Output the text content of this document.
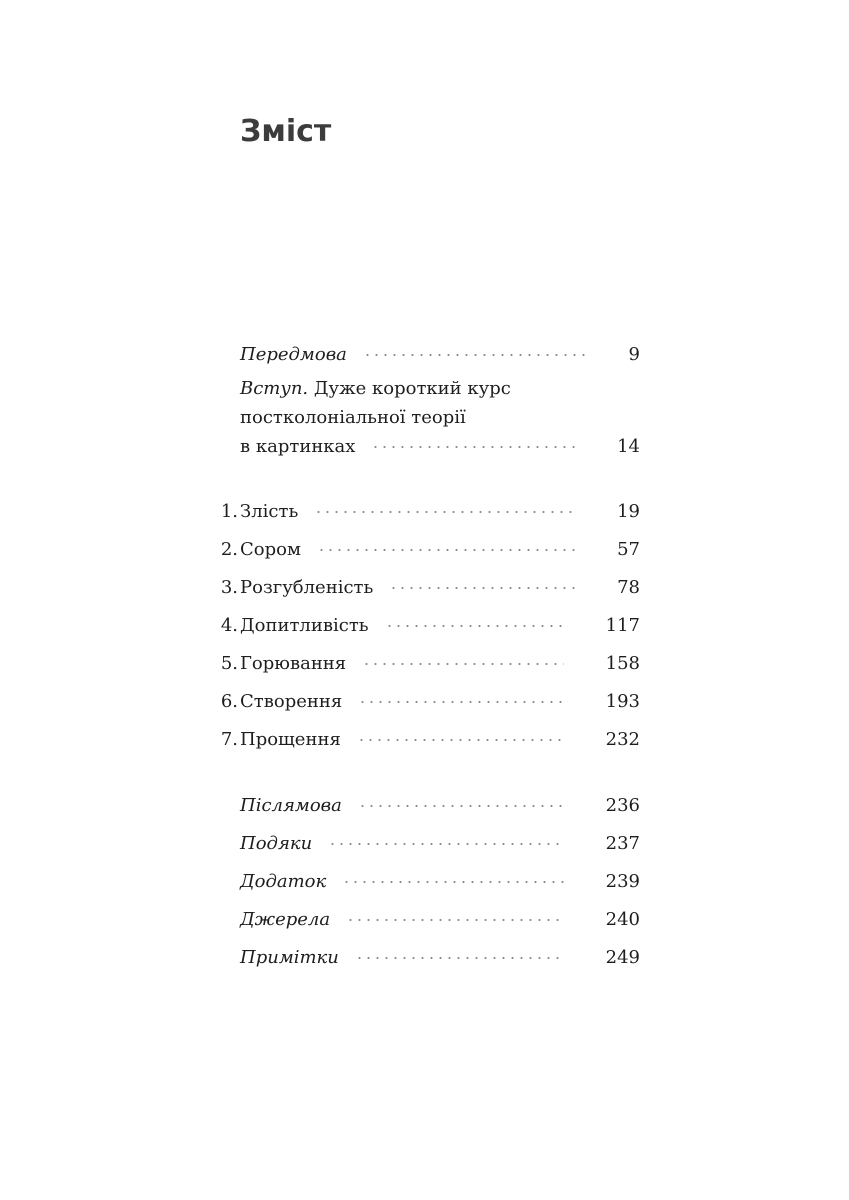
Зміст
Передмова	9
Вступ. Дуже короткий курс
постколоніальної теорії
в картинках	14
1. Злість	19
2. Сором	57
3. Розгубленість	78
4. Допитливість	117
5. Горювання	158
6. Створення	193
7. Прощення	232
Післямова	236
Подяки	237
Додаток	239
Джерела	240
Примітки	249
